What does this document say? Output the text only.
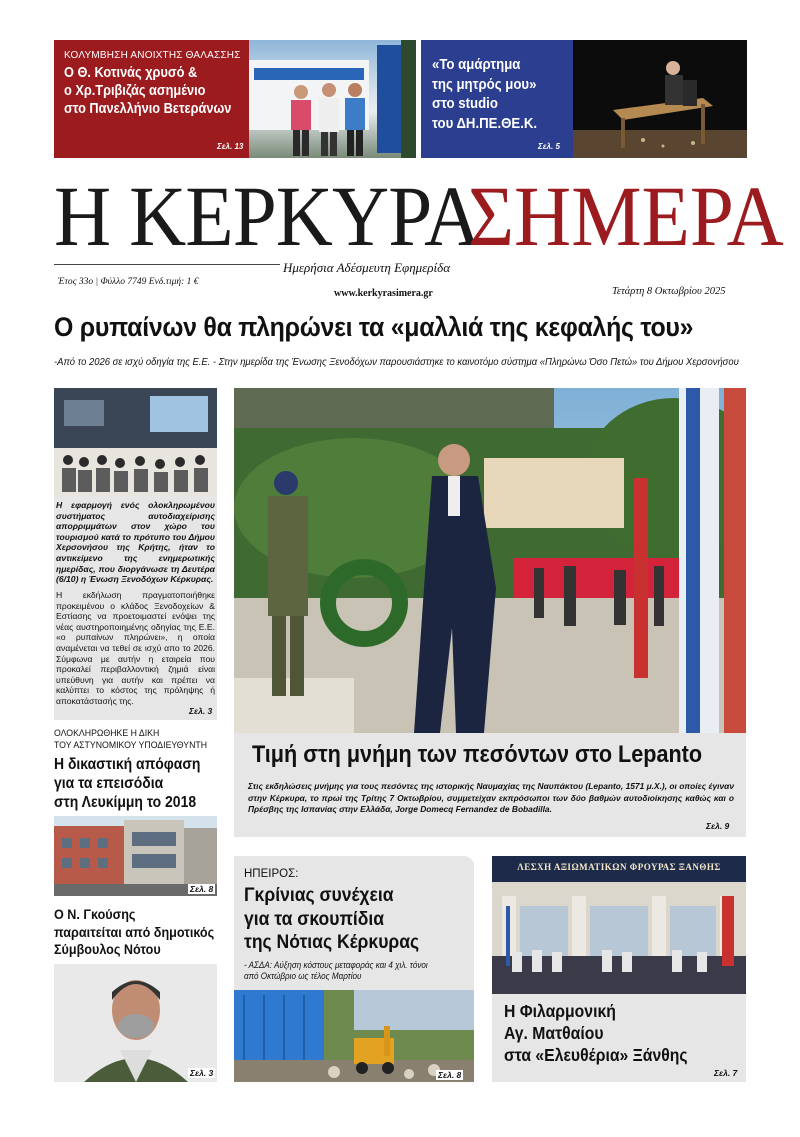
ΚΟΛΥΜΒΗΣΗ ΑΝΟΙΧΤΗΣ ΘΑΛΑΣΣΗΣ
Ο Θ. Κοτινάς χρυσό &
ο Χρ.Τριβιζάς ασημένιο
στο Πανελλήνιο Βετεράνων
Σελ. 13
«Το αμάρτημα
της μητρός μου»
στο studio
του ΔΗ.ΠΕ.ΘΕ.Κ.
Σελ. 5
Η ΚΕΡΚΥΡΑ
ΣΗΜΕΡΑ
Ημερήσια Αδέσμευτη Εφημερίδα
Έτος 33ο | Φύλλο 7749 Ενδ.τιμή: 1 €
www.kerkyrasimera.gr	Τετάρτη 8 Οκτωβρίου 2025
Ο ρυπαίνων θα πληρώνει τα «μαλλιά της κεφαλής του»
-Από το 2026 σε ισχύ οδηγία της Ε.Ε. - Στην ημερίδα της Ένωσης Ξενοδόχων παρουσιάστηκε το καινοτόμο σύστημα «Πληρώνω Όσο Πετώ» του Δήμου Χερσονήσου
Η εφαρμογή ενός ολοκληρωμένου συστήματος αυτοδιαχείρισης απορριμμάτων στον χώρο του τουρισμού κατά το πρότυπο του Δήμου Χερσονήσου της Κρήτης, ήταν το αντικείμενο της ενημερωτικής ημερίδας, που διοργάνωσε τη Δευτέρα (6/10) η Ένωση Ξενοδόχων Κέρκυρας.
Η εκδήλωση πραγματοποιήθηκε προκειμένου ο κλάδος Ξενοδοχείων & Εστίασης να προετοιμαστεί ενόψει της νέας αυστηροποιημένης οδηγίας της Ε.Ε. «ο ρυπαίνων πληρώνει», η οποία αναμένεται να τεθεί σε ισχύ απο το 2026. Σύμφωνα με αυτήν η εταιρεία που προκαλεί περιβαλλοντική ζημιά είναι υπεύθυνη για αυτήν και πρέπει να καλύπτει το κόστος της πρόληψης ή αποκατάστασής της.
Σελ. 3
ΟΛΟΚΛΗΡΩΘΗΚΕ Η ΔΙΚΗ
ΤΟΥ ΑΣΤΥΝΟΜΙΚΟΥ ΥΠΟΔΙΕΥΘΥΝΤΗ
Η δικαστική απόφαση
για τα επεισόδια
στη Λευκίμμη το 2018
Σελ. 8
Ο Ν. Γκούσης
παραιτείται από δημοτικός
Σύμβουλος Νότου
Σελ. 3
Τιμή στη μνήμη των πεσόντων στο Lepanto
Στις εκδηλώσεις μνήμης για τους πεσόντες της ιστορικής Ναυμαχίας της Ναυπάκτου (Lepanto, 1571 μ.Χ.), οι οποίες έγιναν στην Κέρκυρα, το πρωί της Τρίτης 7 Οκτωβρίου, συμμετείχαν εκπρόσωποι των δύο βαθμών αυτοδιοίκησης καθώς και ο Πρέσβης της Ισπανίας στην Ελλάδα, Jorge Domecq Fernandez de Bobadilla.
Σελ. 9
ΗΠΕΙΡΟΣ:
Γκρίνιας συνέχεια
για τα σκουπίδια
της Νότιας Κέρκυρας
- ΑΣΔΑ: Αύξηση κόστους μεταφοράς και 4 χιλ. τόνοι
από Οκτώβριο ως τέλος Μαρτίου
Σελ. 8
ΛΕΣΧΗ ΑΞΙΩΜΑΤΙΚΩΝ ΦΡΟΥΡΑΣ ΞΑΝΘΗΣ
Η Φιλαρμονική
Αγ. Ματθαίου
στα «Ελευθέρια» Ξάνθης
Σελ. 7
